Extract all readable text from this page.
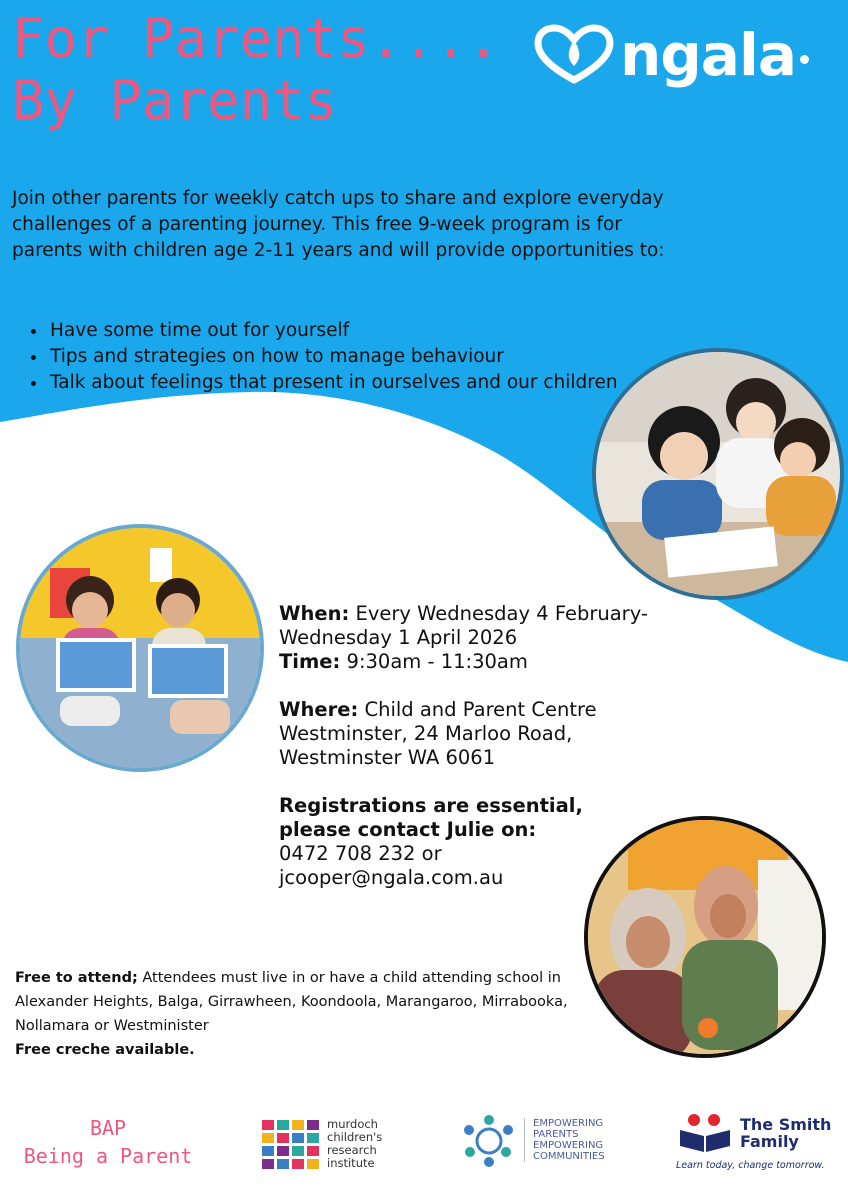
For Parents....
By Parents
ngala
Join other parents for weekly catch ups to share and explore everyday challenges of a parenting journey. This free 9-week program is for parents with children age 2-11 years and will provide opportunities to:
• Have some time out for yourself
• Tips and strategies on how to manage behaviour
• Talk about feelings that present in ourselves and our children
When: Every Wednesday 4 February- Wednesday 1 April 2026
Time: 9:30am - 11:30am
Where: Child and Parent Centre Westminster, 24 Marloo Road, Westminster WA 6061
Registrations are essential, please contact Julie on:
0472 708 232 or
jcooper@ngala.com.au
Free to attend; Attendees must live in or have a child attending school in Alexander Heights, Balga, Girrawheen, Koondoola, Marangaroo, Mirrabooka, Nollamara or Westminister
Free creche available.
BAP
Being a Parent
murdoch
children's
research
institute
EMPOWERING
PARENTS
EMPOWERING
COMMUNITIES
The Smith
Family
Learn today, change tomorrow.
